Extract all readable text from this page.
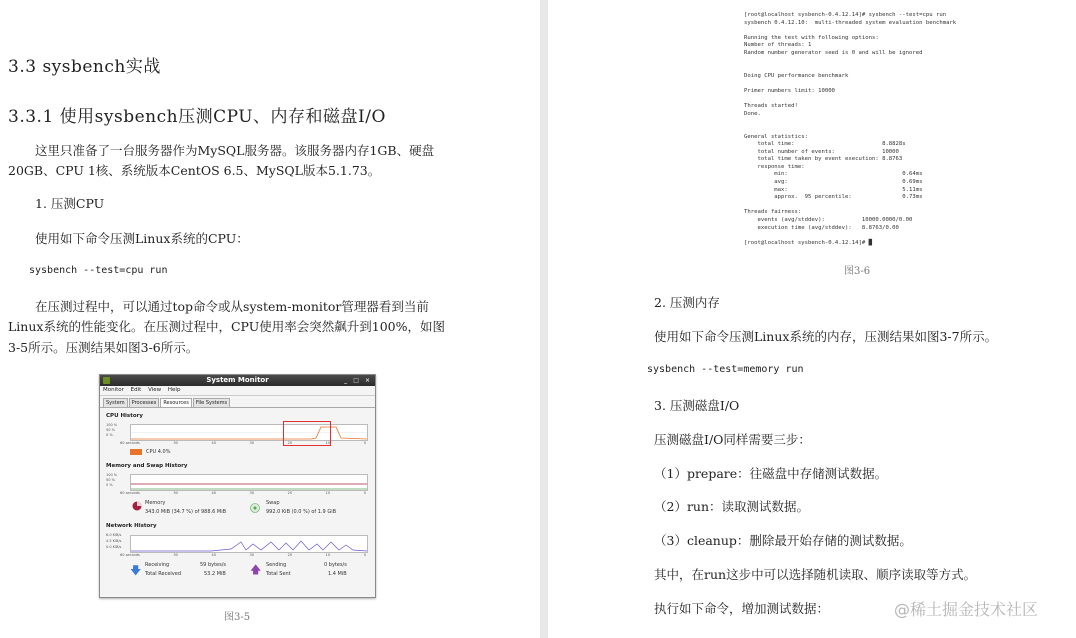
3.3 sysbench实战
3.3.1 使用sysbench压测CPU、内存和磁盘I/O
这里只准备了一台服务器作为MySQL服务器。该服务器内存1GB、硬盘
20GB、CPU 1核、系统版本CentOS 6.5、MySQL版本5.1.73。
1. 压测CPU
使用如下命令压测Linux系统的CPU：
sysbench --test=cpu run
在压测过程中，可以通过top命令或从system-monitor管理器看到当前
Linux系统的性能变化。在压测过程中，CPU使用率会突然飙升到100%，如图
3-5所示。压测结果如图3-6所示。
System Monitor	_ □ ×
Monitor Edit View Help
System	Processes	Resources	File Systems
CPU History
100 %
50 %
0 %
60 seconds	50	40	30	20	10	0
CPU 4.0%
Memory and Swap History
100 %
50 %
0 %
60 seconds	50	40	30	20	10	0
Memory
343.0 MiB (34.7 %) of 988.6 MiB
Swap
992.0 KiB (0.0 %) of 1.9 GiB
Network History
6.0 KiB/s
4.5 KiB/s
0.0 KiB/s
60 seconds	50	40	30	20	10	0
🡇 Receiving	59 bytes/s
Total Received	53.2 MiB 🡅 Sending	0 bytes/s
Total Sent	1.4 MiB
图3-5
[root@localhost sysbench-0.4.12.14]# sysbench --test=cpu run
sysbench 0.4.12.10:  multi-threaded system evaluation benchmark

Running the test with following options:
Number of threads: 1
Random number generator seed is 0 and will be ignored

Doing CPU performance benchmark

Primer numbers limit: 10000

Threads started!
Done.

General statistics:
total time:                          8.8828s
total number of events:              10000
total time taken by event execution: 8.8763
response time:
min:                                  0.64ms
avg:                                  0.69ms
max:                                  5.11ms
approx.  95 percentile:               0.73ms

Threads fairness:
events (avg/stddev):           10000.0000/0.00
execution time (avg/stddev):   8.8763/0.00

[root@localhost sysbench-0.4.12.14]# █
图3-6
2. 压测内存
使用如下命令压测Linux系统的内存，压测结果如图3-7所示。
sysbench --test=memory run
3. 压测磁盘I/O
压测磁盘I/O同样需要三步：
（1）prepare：往磁盘中存储测试数据。
（2）run：读取测试数据。
（3）cleanup：删除最开始存储的测试数据。
其中，在run这步中可以选择随机读取、顺序读取等方式。
执行如下命令，增加测试数据：	@稀土掘金技术社区
